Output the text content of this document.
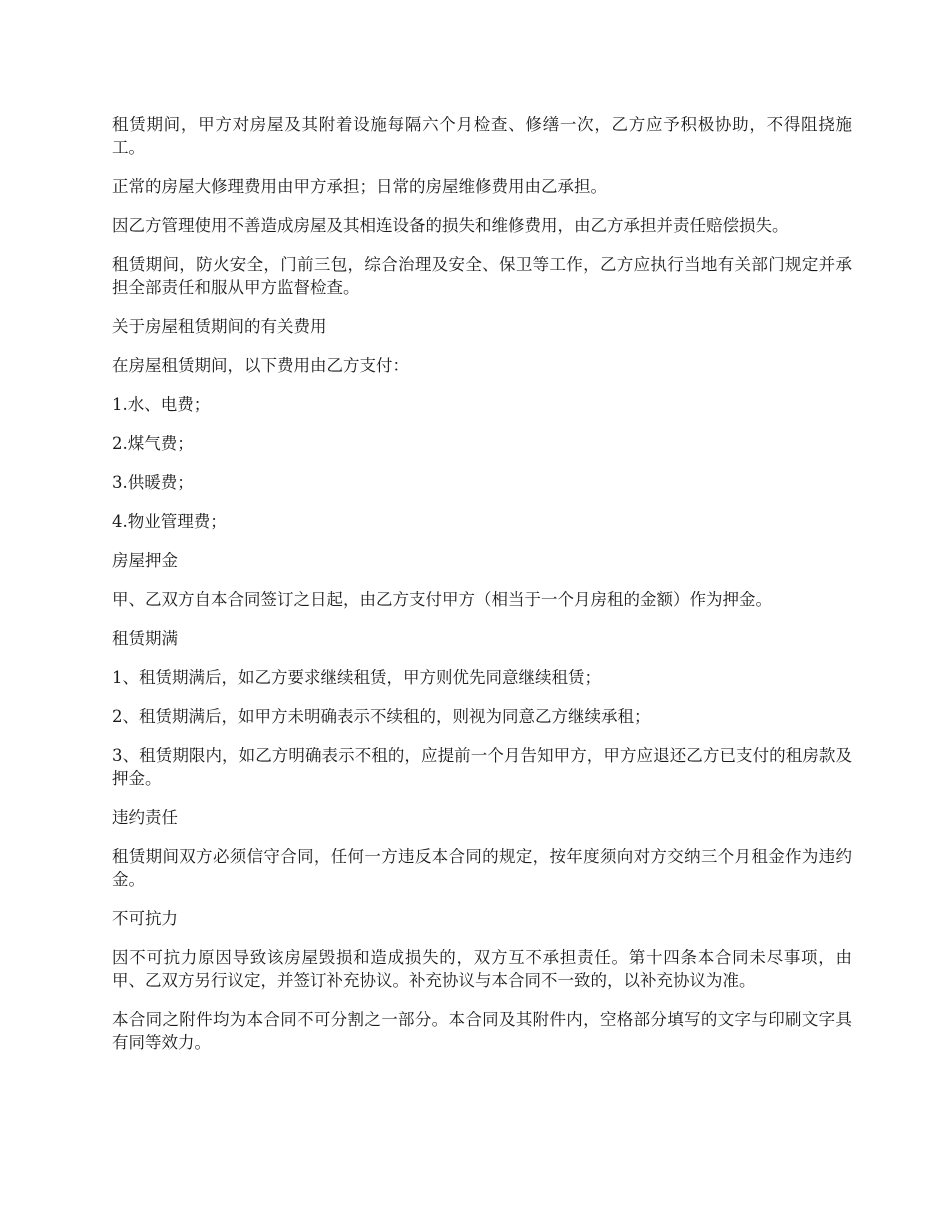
租赁期间，甲方对房屋及其附着设施每隔六个月检查、修缮一次，乙方应予积极协助，不得阻挠施工。

正常的房屋大修理费用由甲方承担；日常的房屋维修费用由乙承担。

因乙方管理使用不善造成房屋及其相连设备的损失和维修费用，由乙方承担并责任赔偿损失。

租赁期间，防火安全，门前三包，综合治理及安全、保卫等工作，乙方应执行当地有关部门规定并承担全部责任和服从甲方监督检查。

关于房屋租赁期间的有关费用

在房屋租赁期间，以下费用由乙方支付：

1.水、电费；

2.煤气费；

3.供暖费；

4.物业管理费；

房屋押金

甲、乙双方自本合同签订之日起，由乙方支付甲方（相当于一个月房租的金额）作为押金。

租赁期满

1、租赁期满后，如乙方要求继续租赁，甲方则优先同意继续租赁；

2、租赁期满后，如甲方未明确表示不续租的，则视为同意乙方继续承租；

3、租赁期限内，如乙方明确表示不租的，应提前一个月告知甲方，甲方应退还乙方已支付的租房款及押金。

违约责任

租赁期间双方必须信守合同，任何一方违反本合同的规定，按年度须向对方交纳三个月租金作为违约金。

不可抗力

因不可抗力原因导致该房屋毁损和造成损失的，双方互不承担责任。第十四条本合同未尽事项，由甲、乙双方另行议定，并签订补充协议。补充协议与本合同不一致的，以补充协议为准。

本合同之附件均为本合同不可分割之一部分。本合同及其附件内，空格部分填写的文字与印刷文字具有同等效力。
